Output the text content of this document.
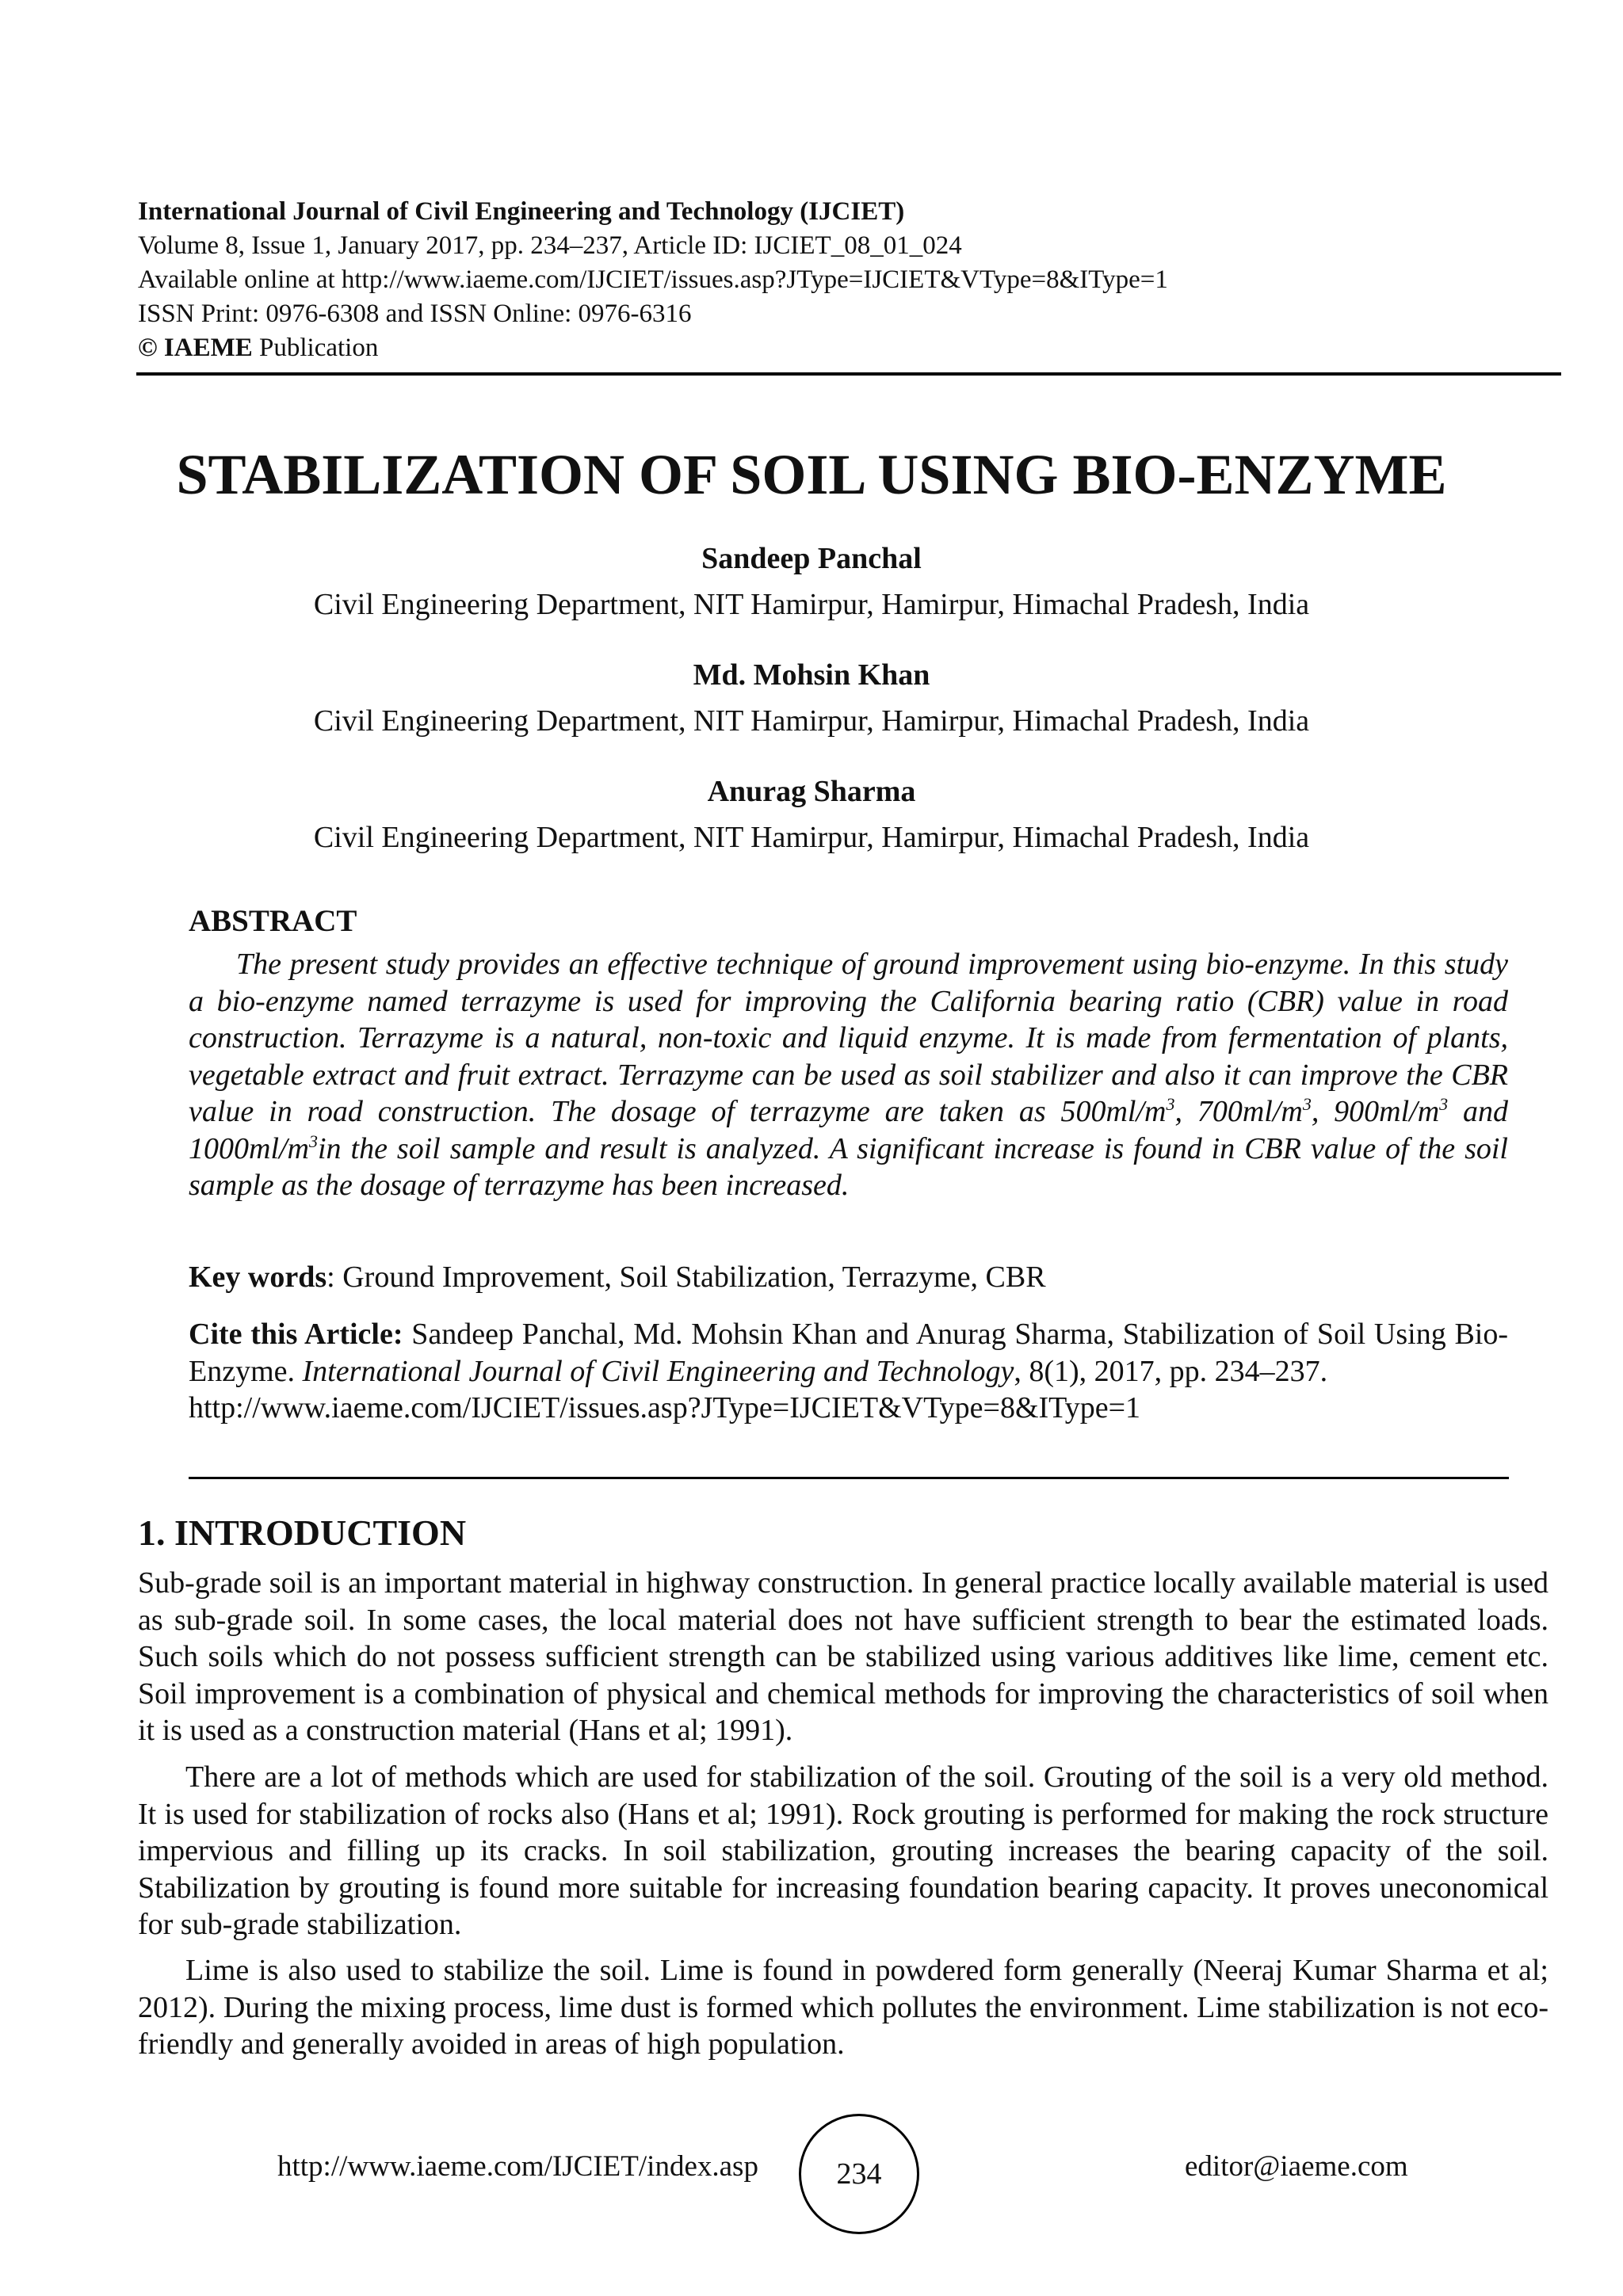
International Journal of Civil Engineering and Technology (IJCIET)

Volume 8, Issue 1, January 2017, pp. 234–237, Article ID: IJCIET_08_01_024

Available online at http://www.iaeme.com/IJCIET/issues.asp?JType=IJCIET&VType=8&IType=1

ISSN Print: 0976-6308 and ISSN Online: 0976-6316

© IAEME Publication

STABILIZATION OF SOIL USING BIO-ENZYME
Sandeep Panchal
Civil Engineering Department, NIT Hamirpur, Hamirpur, Himachal Pradesh, India
Md. Mohsin Khan
Civil Engineering Department, NIT Hamirpur, Hamirpur, Himachal Pradesh, India
Anurag Sharma
Civil Engineering Department, NIT Hamirpur, Hamirpur, Himachal Pradesh, India
ABSTRACT

The present study provides an effective technique of ground improvement using bio-enzyme. In this study a bio-enzyme named terrazyme is used for improving the California bearing ratio (CBR) value in road construction. Terrazyme is a natural, non-toxic and liquid enzyme. It is made from fermentation of plants, vegetable extract and fruit extract. Terrazyme can be used as soil stabilizer and also it can improve the CBR value in road construction. The dosage of terrazyme are taken as $500ml/m^3$, $700ml/m^3$, $900ml/m^3$ and $1000ml/m^3in$ the soil sample and result is analyzed. A significant increase is found in CBR value of the soil sample as the dosage of terrazyme has been increased.

Key words: Ground Improvement, Soil Stabilization, Terrazyme, CBR

Cite this Article: Sandeep Panchal, Md. Mohsin Khan and Anurag Sharma, Stabilization of Soil Using Bio-Enzyme. International Journal of Civil Engineering and Technology, 8(1), 2017, pp. 234–237.
http://www.iaeme.com/IJCIET/issues.asp?JType=IJCIET&VType=8&IType=1

1. INTRODUCTION

Sub-grade soil is an important material in highway construction. In general practice locally available material is used as sub-grade soil. In some cases, the local material does not have sufficient strength to bear the estimated loads. Such soils which do not possess sufficient strength can be stabilized using various additives like lime, cement etc. Soil improvement is a combination of physical and chemical methods for improving the characteristics of soil when it is used as a construction material (Hans et al; 1991).

There are a lot of methods which are used for stabilization of the soil. Grouting of the soil is a very old method. It is used for stabilization of rocks also (Hans et al; 1991). Rock grouting is performed for making the rock structure impervious and filling up its cracks. In soil stabilization, grouting increases the bearing capacity of the soil. Stabilization by grouting is found more suitable for increasing foundation bearing capacity. It proves uneconomical for sub-grade stabilization.

Lime is also used to stabilize the soil. Lime is found in powdered form generally (Neeraj Kumar Sharma et al; 2012). During the mixing process, lime dust is formed which pollutes the environment. Lime stabilization is not eco-friendly and generally avoided in areas of high population.

http://www.iaeme.com/IJCIET/index.asp	234	editor@iaeme.com
